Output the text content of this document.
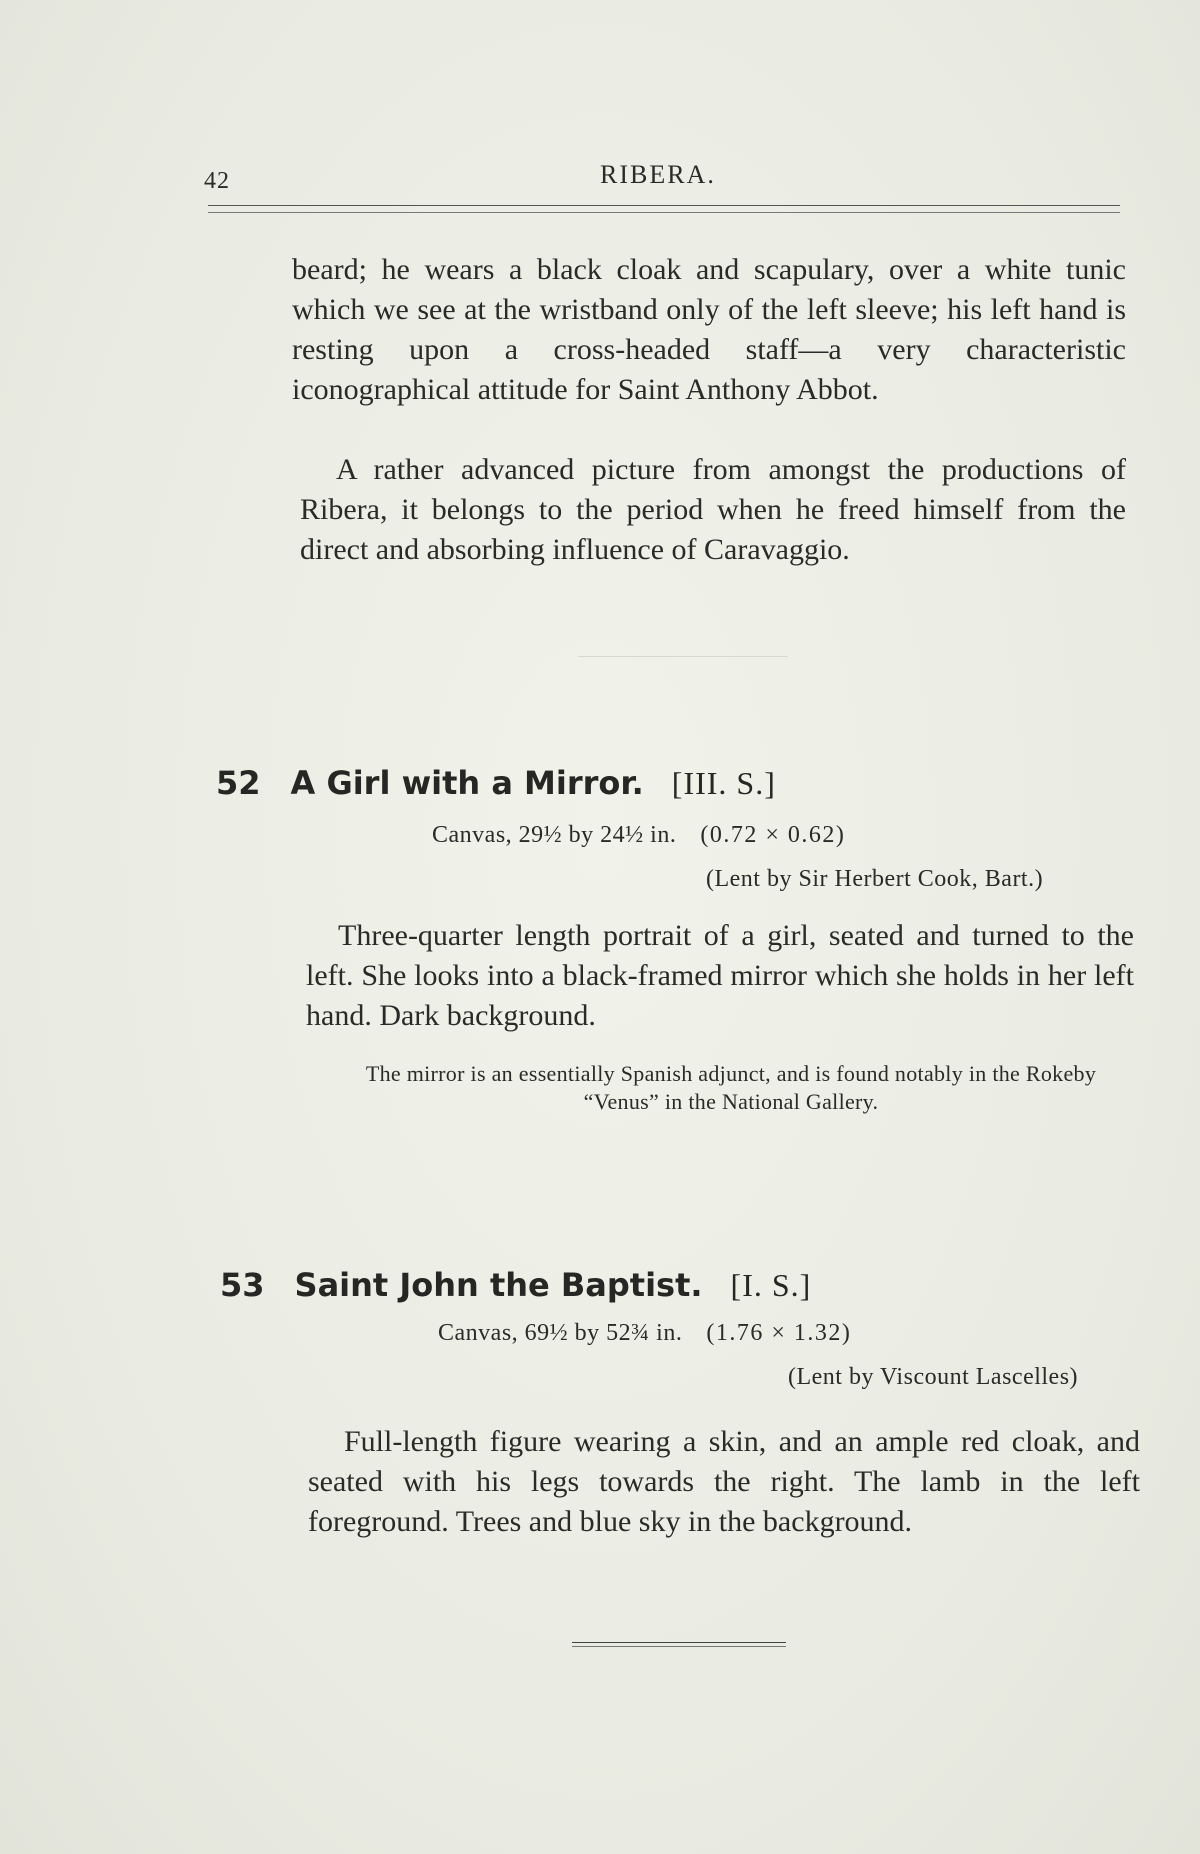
42	RIBERA.

beard; he wears a black cloak and scapulary, over a white tunic which we see at the wristband only of the left sleeve; his left hand is resting upon a cross-headed staff—a very characteristic iconographical attitude for Saint Anthony Abbot.

A rather advanced picture from amongst the productions of Ribera, it belongs to the period when he freed himself from the direct and absorbing influence of Caravaggio.

52 A Girl with a Mirror. [III. S.]
Canvas, 29½ by 24½ in. (0.72 × 0.62)
(Lent by Sir Herbert Cook, Bart.)

Three-quarter length portrait of a girl, seated and turned to the left. She looks into a black-framed mirror which she holds in her left hand. Dark background.

The mirror is an essentially Spanish adjunct, and is found notably in the Rokeby “Venus” in the National Gallery.

53 Saint John the Baptist. [I. S.]
Canvas, 69½ by 52¾ in. (1.76 × 1.32)
(Lent by Viscount Lascelles)

Full-length figure wearing a skin, and an ample red cloak, and seated with his legs towards the right. The lamb in the left foreground. Trees and blue sky in the background.
